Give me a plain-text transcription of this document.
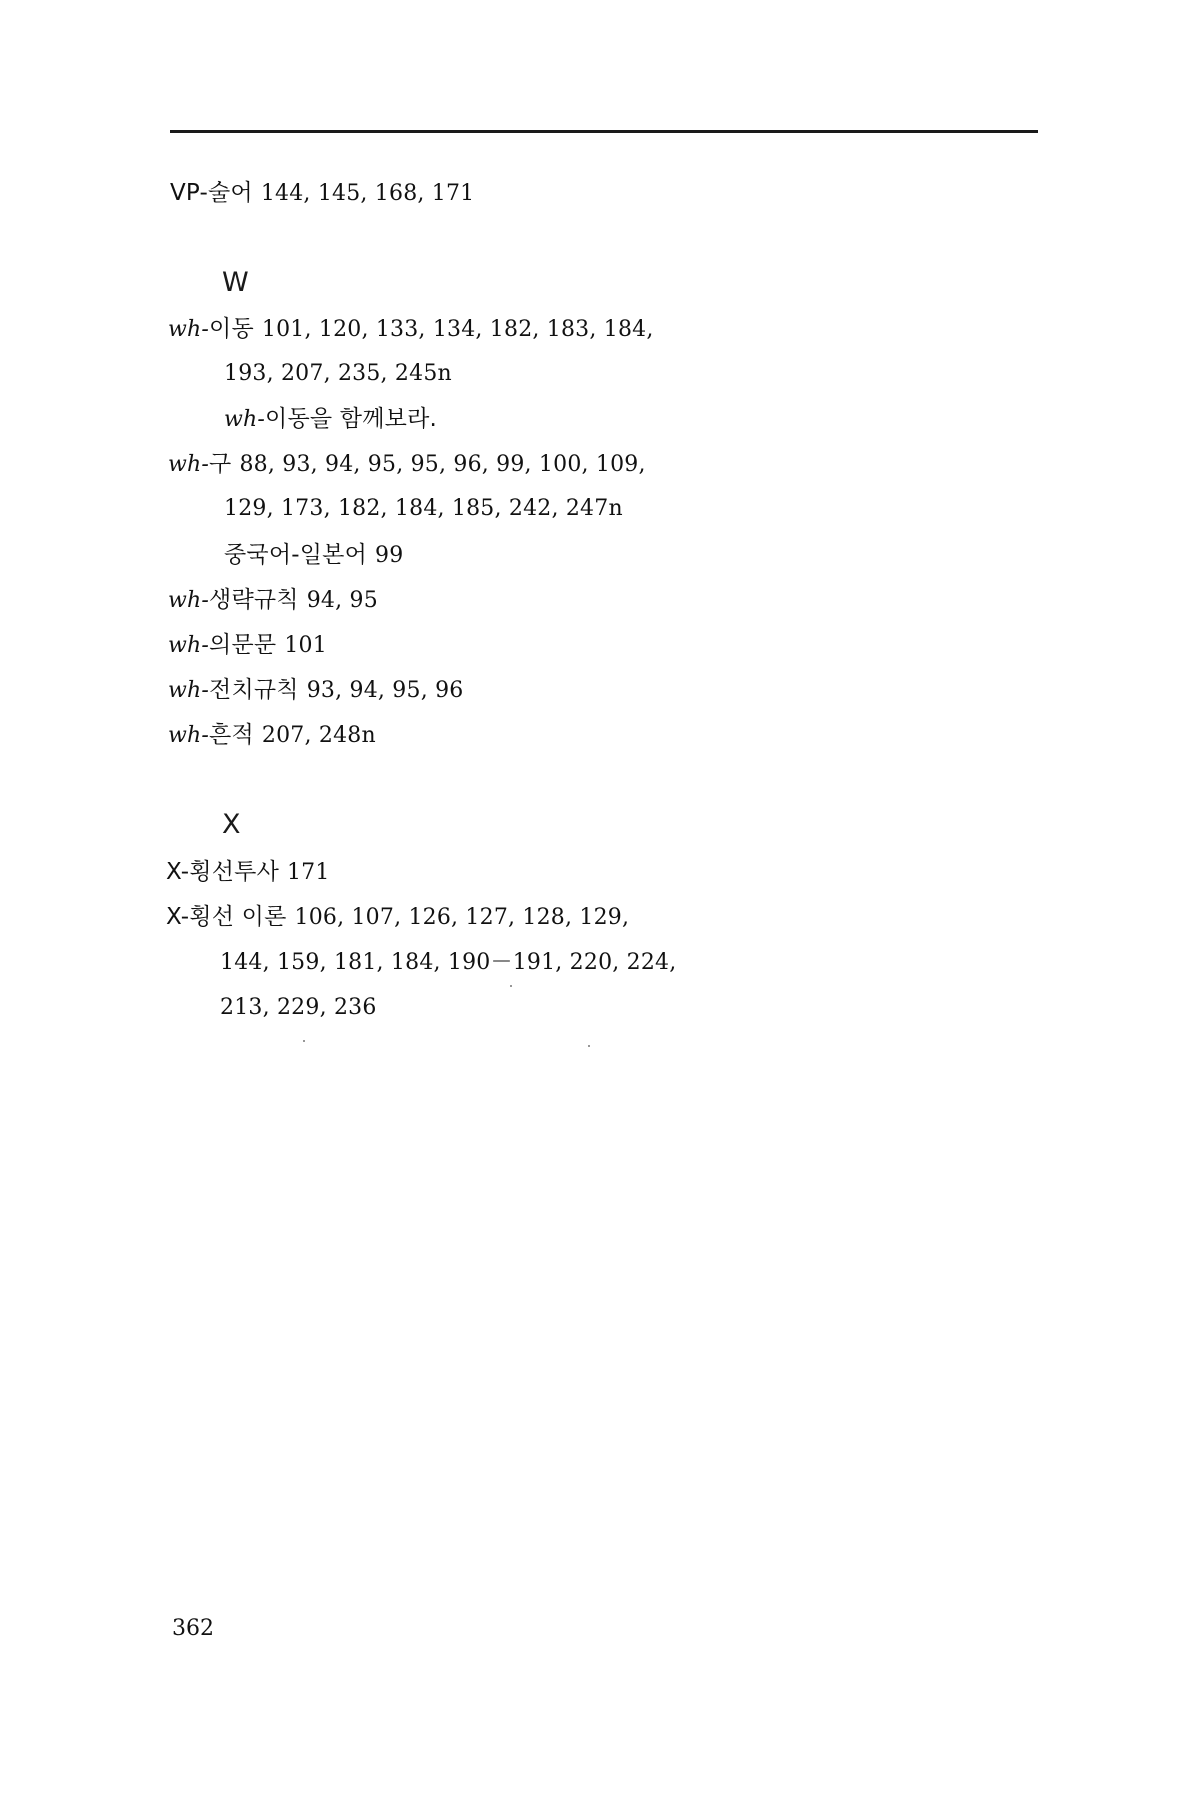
VP-술어 144, 145, 168, 171
W
wh-이동 101, 120, 133, 134, 182, 183, 184,
193, 207, 235, 245n
wh-이동을 함께보라.
wh-구 88, 93, 94, 95, 95, 96, 99, 100, 109,
129, 173, 182, 184, 185, 242, 247n
중국어-일본어 99
wh-생략규칙 94, 95
wh-의문문 101
wh-전치규칙 93, 94, 95, 96
wh-흔적 207, 248n
X
X-횡선투사 171
X-횡선 이론 106, 107, 126, 127, 128, 129,
144, 159, 181, 184, 190－191, 220, 224,
213, 229, 236
362
